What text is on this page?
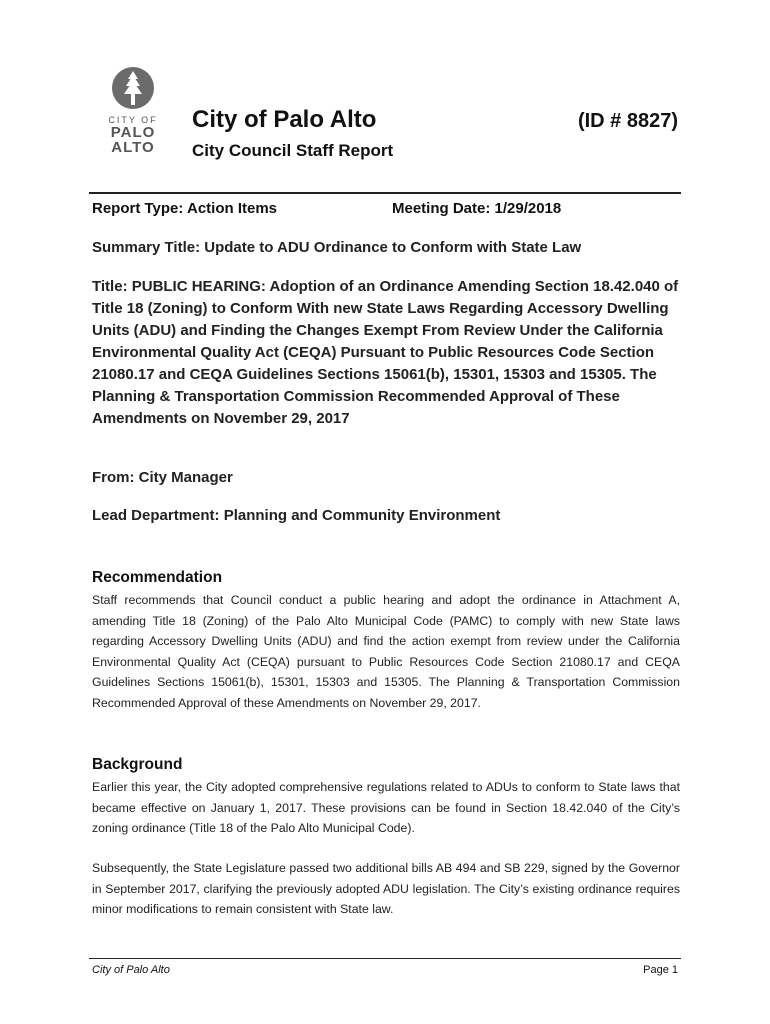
CITY OF
PALO
ALTO
City of Palo Alto	(ID # 8827)
City Council Staff Report
Report Type: Action Items	Meeting Date: 1/29/2018
Summary Title: Update to ADU Ordinance to Conform with State Law
Title: PUBLIC HEARING: Adoption of an Ordinance Amending Section 18.42.040 of Title 18 (Zoning) to Conform With new State Laws Regarding Accessory Dwelling Units (ADU) and Finding the Changes Exempt From Review Under the California Environmental Quality Act (CEQA) Pursuant to Public Resources Code Section 21080.17 and CEQA Guidelines Sections 15061(b), 15301, 15303 and 15305. The Planning & Transportation Commission Recommended Approval of These Amendments on November 29, 2017
From: City Manager
Lead Department: Planning and Community Environment
Recommendation
Staff recommends that Council conduct a public hearing and adopt the ordinance in Attachment A, amending Title 18 (Zoning) of the Palo Alto Municipal Code (PAMC) to comply with new State laws regarding Accessory Dwelling Units (ADU) and find the action exempt from review under the California Environmental Quality Act (CEQA) pursuant to Public Resources Code Section 21080.17 and CEQA Guidelines Sections 15061(b), 15301, 15303 and 15305. The Planning & Transportation Commission Recommended Approval of these Amendments on November 29, 2017.
Background
Earlier this year, the City adopted comprehensive regulations related to ADUs to conform to State laws that became effective on January 1, 2017. These provisions can be found in Section 18.42.040 of the City’s zoning ordinance (Title 18 of the Palo Alto Municipal Code).
Subsequently, the State Legislature passed two additional bills AB 494 and SB 229, signed by the Governor in September 2017, clarifying the previously adopted ADU legislation. The City’s existing ordinance requires minor modifications to remain consistent with State law.
City of Palo Alto	Page 1
